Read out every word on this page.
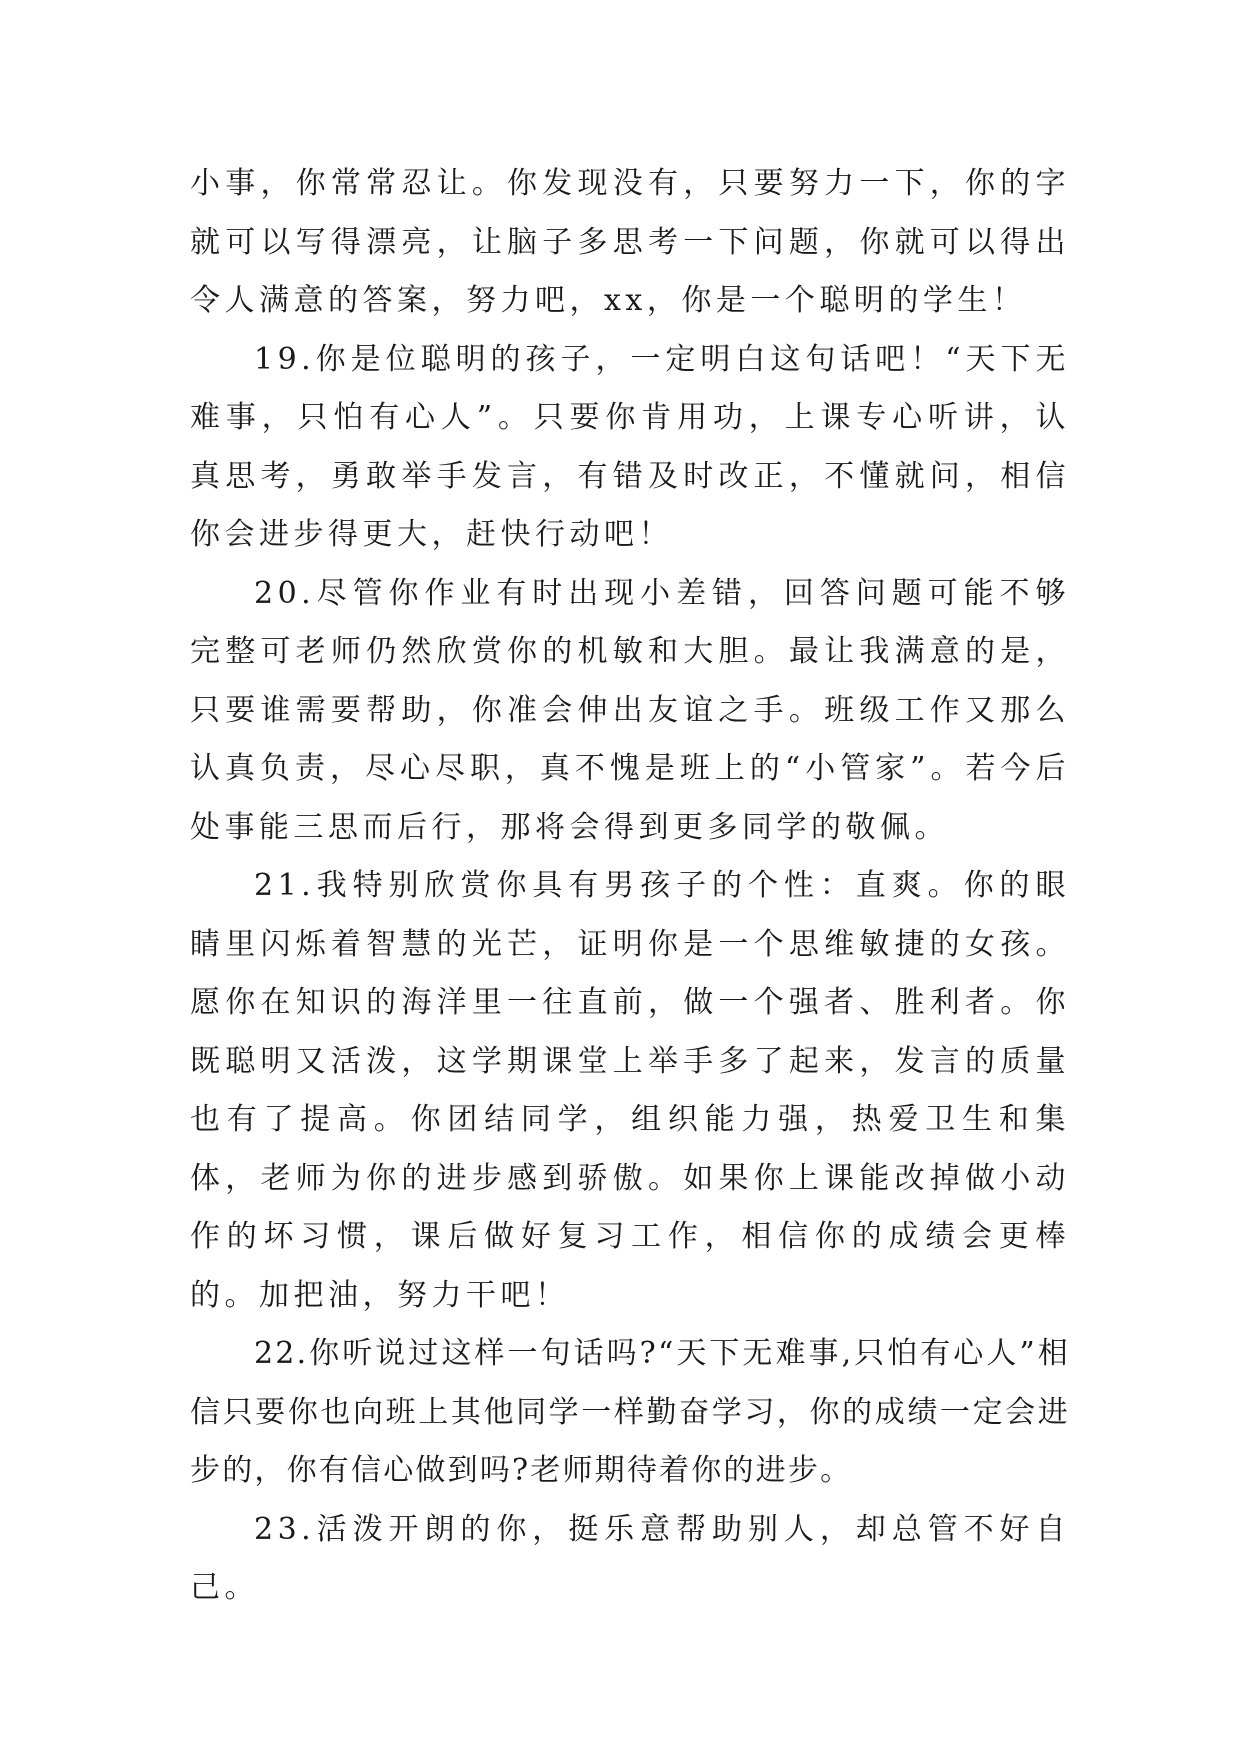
小事，你常常忍让。你发现没有，只要努力一下，你的字就可以写得漂亮，让脑子多思考一下问题，你就可以得出令人满意的答案，努力吧，xx，你是一个聪明的学生！

19.你是位聪明的孩子，一定明白这句话吧！“天下无难事，只怕有心人”。只要你肯用功，上课专心听讲，认真思考，勇敢举手发言，有错及时改正，不懂就问，相信你会进步得更大，赶快行动吧！

20.尽管你作业有时出现小差错，回答问题可能不够完整可老师仍然欣赏你的机敏和大胆。最让我满意的是，只要谁需要帮助，你准会伸出友谊之手。班级工作又那么认真负责，尽心尽职，真不愧是班上的“小管家”。若今后处事能三思而后行，那将会得到更多同学的敬佩。

21.我特别欣赏你具有男孩子的个性：直爽。你的眼睛里闪烁着智慧的光芒，证明你是一个思维敏捷的女孩。愿你在知识的海洋里一往直前，做一个强者、胜利者。你既聪明又活泼，这学期课堂上举手多了起来，发言的质量也有了提高。你团结同学，组织能力强，热爱卫生和集体，老师为你的进步感到骄傲。如果你上课能改掉做小动作的坏习惯，课后做好复习工作，相信你的成绩会更棒的。加把油，努力干吧！

22.你听说过这样一句话吗?“天下无难事,只怕有心人”相信只要你也向班上其他同学一样勤奋学习，你的成绩一定会进步的，你有信心做到吗?老师期待着你的进步。

23.活泼开朗的你，挺乐意帮助别人，却总管不好自己。
